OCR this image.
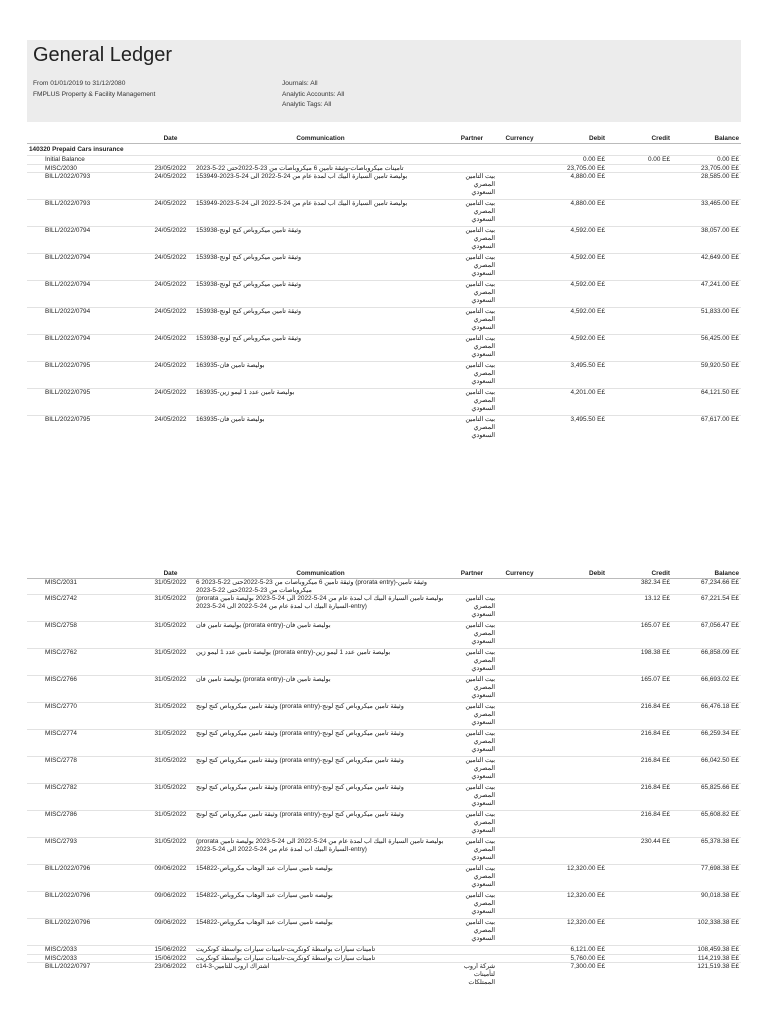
General Ledger
From 01/01/2019 to 31/12/2080
FMPLUS Property & Facility Management
Journals: All
Analytic Accounts: All
Analytic Tags: All
	Date	Communication	Partner	Currency	Debit	Credit	Balance
140320 Prepaid Cars insurance							
Initial Balance					0.00 E£	0.00 E£	0.00 E£
MISC/2030	23/05/2022	تامينات ميكروباصات-وثيقة تامين 6 ميكروباصات من 23-5-2022حتى 22-5-2023			23,705.00 E£		23,705.00 E£
BILL/2022/0793	24/05/2022	بوليصة تامين السيارة البيك اب لمدة عام من 24-5-2022 الى 24-5-2023-153949	بيت التأمين المصري السعودي		4,880.00 E£		28,585.00 E£
BILL/2022/0793	24/05/2022	بوليصة تامين السيارة البيك اب لمدة عام من 24-5-2022 الى 24-5-2023-153949	بيت التأمين المصري السعودي		4,880.00 E£		33,465.00 E£
BILL/2022/0794	24/05/2022	وثيقة تأمين ميكروباص كنج لونج-153938	بيت التأمين المصري السعودي		4,592.00 E£		38,057.00 E£
BILL/2022/0794	24/05/2022	وثيقة تأمين ميكروباص كنج لونج-153938	بيت التأمين المصري السعودي		4,592.00 E£		42,649.00 E£
BILL/2022/0794	24/05/2022	وثيقة تأمين ميكروباص كنج لونج-153938	بيت التأمين المصري السعودي		4,592.00 E£		47,241.00 E£
BILL/2022/0794	24/05/2022	وثيقة تأمين ميكروباص كنج لونج-153938	بيت التأمين المصري السعودي		4,592.00 E£		51,833.00 E£
BILL/2022/0794	24/05/2022	وثيقة تأمين ميكروباص كنج لونج-153938	بيت التأمين المصري السعودي		4,592.00 E£		56,425.00 E£
BILL/2022/0795	24/05/2022	بوليصة تامين فان-163935	بيت التأمين المصري السعودي		3,495.50 E£		59,920.50 E£
BILL/2022/0795	24/05/2022	بوليصة تامين عدد 1 ليمو زين-163935	بيت التأمين المصري السعودي		4,201.00 E£		64,121.50 E£
BILL/2022/0795	24/05/2022	بوليصة تامين فان-163935	بيت التأمين المصري السعودي		3,495.50 E£		67,617.00 E£
	Date	Communication	Partner	Currency	Debit	Credit	Balance
MISC/2031	31/05/2022	وثيقة تامين-(prorata entry) وثيقة تامين 6 ميكروباصات من 23-5-2022حتى 22-5-2023 6 ميكروباصات من 23-5-2022حتى 22-5-2023				382.34 E£	67,234.66 E£
MISC/2742	31/05/2022	(prorata بوليصة تامين السيارة البيك اب لمدة عام من 24-5-2022 الى 24-5-2023 بوليصة تامين السيارة البيك اب لمدة عام من 24-5-2022 الى 24-5-2023-entry)	بيت التأمين المصري السعودي			13.12 E£	67,221.54 E£
MISC/2758	31/05/2022	بوليصة تامين فان-(prorata entry) بوليصة تامين فان	بيت التأمين المصري السعودي			165.07 E£	67,056.47 E£
MISC/2762	31/05/2022	بوليصة تامين عدد 1 ليمو زين-(prorata entry) بوليصة تامين عدد 1 ليمو زين	بيت التأمين المصري السعودي			198.38 E£	66,858.09 E£
MISC/2766	31/05/2022	بوليصة تامين فان-(prorata entry) بوليصة تامين فان	بيت التأمين المصري السعودي			165.07 E£	66,693.02 E£
MISC/2770	31/05/2022	وثيقة تأمين ميكروباص كنج لونج-(prorata entry) وثيقة تأمين ميكروباص كنج لونج	بيت التأمين المصري السعودي			216.84 E£	66,476.18 E£
MISC/2774	31/05/2022	وثيقة تأمين ميكروباص كنج لونج-(prorata entry) وثيقة تأمين ميكروباص كنج لونج	بيت التأمين المصري السعودي			216.84 E£	66,259.34 E£
MISC/2778	31/05/2022	وثيقة تأمين ميكروباص كنج لونج-(prorata entry) وثيقة تأمين ميكروباص كنج لونج	بيت التأمين المصري السعودي			216.84 E£	66,042.50 E£
MISC/2782	31/05/2022	وثيقة تأمين ميكروباص كنج لونج-(prorata entry) وثيقة تأمين ميكروباص كنج لونج	بيت التأمين المصري السعودي			216.84 E£	65,825.66 E£
MISC/2786	31/05/2022	وثيقة تأمين ميكروباص كنج لونج-(prorata entry) وثيقة تأمين ميكروباص كنج لونج	بيت التأمين المصري السعودي			216.84 E£	65,608.82 E£
MISC/2793	31/05/2022	(prorata بوليصة تامين السيارة البيك اب لمدة عام من 24-5-2022 الى 24-5-2023 بوليصة تامين السيارة البيك اب لمدة عام من 24-5-2022 الى 24-5-2023-entry)	بيت التأمين المصري السعودي			230.44 E£	65,378.38 E£
BILL/2022/0796	09/06/2022	بوليصه تامين سيارات عبد الوهاب مكروباص-154822	بيت التأمين المصري السعودي		12,320.00 E£		77,698.38 E£
BILL/2022/0796	09/06/2022	بوليصه تامين سيارات عبد الوهاب مكروباص-154822	بيت التأمين المصري السعودي		12,320.00 E£		90,018.38 E£
BILL/2022/0796	09/06/2022	بوليصه تامين سيارات عبد الوهاب مكروباص-154822	بيت التأمين المصري السعودي		12,320.00 E£		102,338.38 E£
MISC/2033	15/06/2022	تامينات سيارات بواسطة كونكريت-تامينات سيارات بواسطة كونكريت			6,121.00 E£		108,459.38 E£
MISC/2033	15/06/2022	تامينات سيارات بواسطة كونكريت-تامينات سيارات بواسطة كونكريت			5,760.00 E£		114,219.38 E£
BILL/2022/0797	23/06/2022	اشتراك اروب للتامين-c14-3	شركة أروب لتأمينات الممتلكات		7,300.00 E£		121,519.38 E£
